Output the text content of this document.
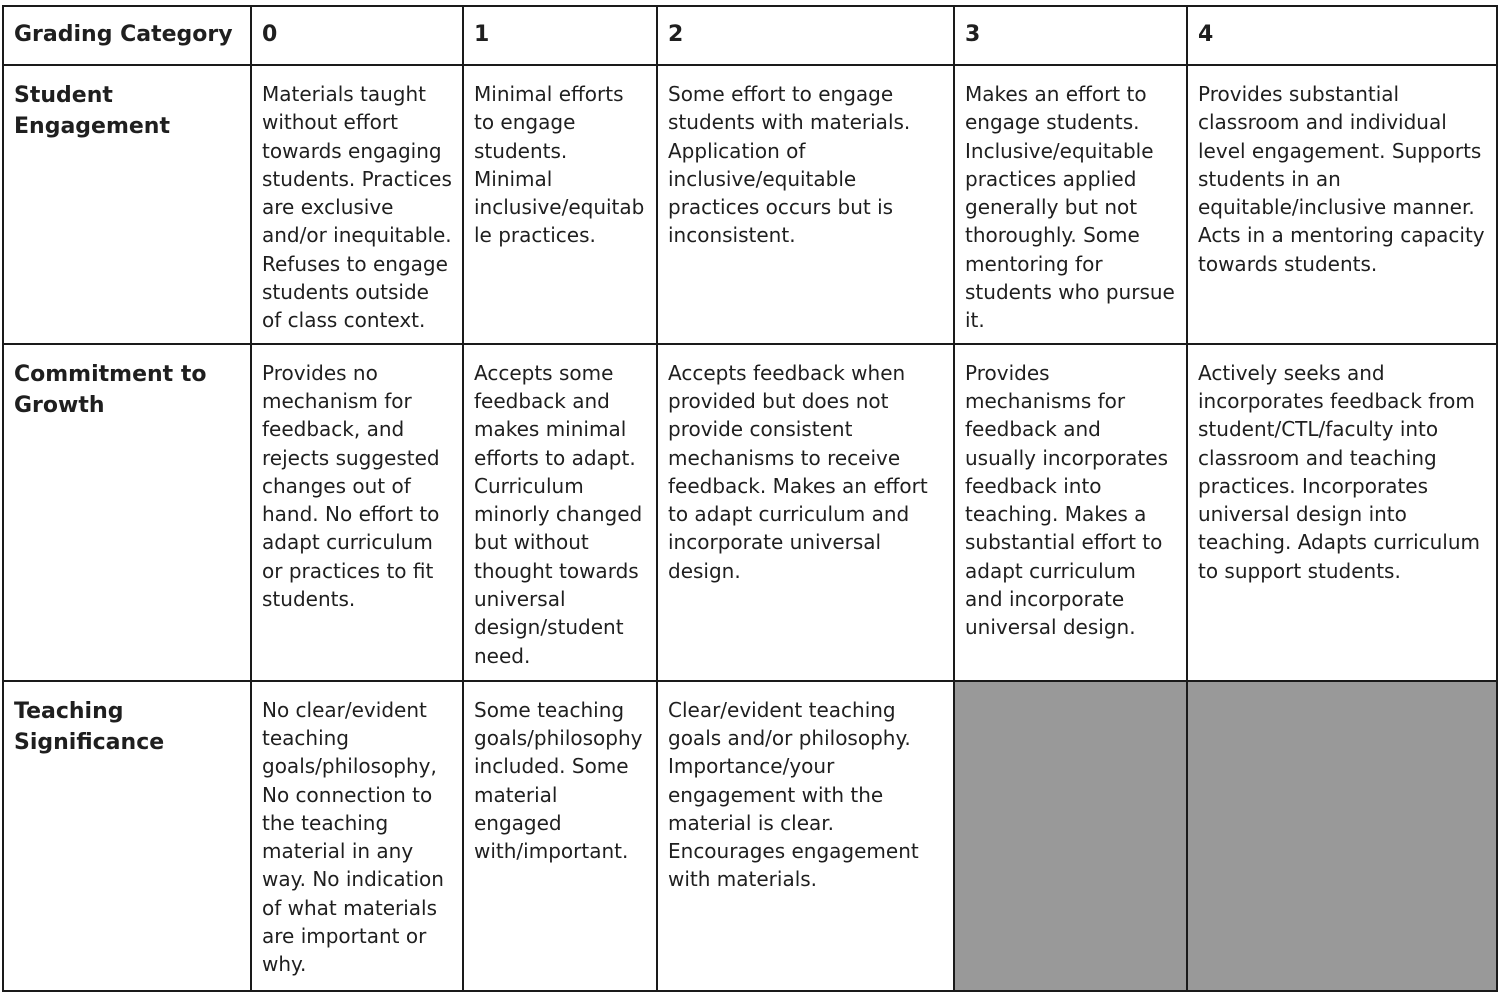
Grading Category	0	1	2	3	4
Student Engagement	Materials taught without effort towards engaging students. Practices are exclusive and/or inequitable. Refuses to engage students outside of class context.	Minimal efforts to engage students. Minimal inclusive/equitab le practices.	Some effort to engage students with materials. Application of inclusive/equitable practices occurs but is inconsistent.	Makes an effort to engage students. Inclusive/equitable practices applied generally but not thoroughly. Some mentoring for students who pursue it.	Provides substantial classroom and individual level engagement. Supports students in an equitable/inclusive manner. Acts in a mentoring capacity towards students.
Commitment to Growth	Provides no mechanism for feedback, and rejects suggested changes out of hand. No effort to adapt curriculum or practices to fit students.	Accepts some feedback and makes minimal efforts to adapt. Curriculum minorly changed but without thought towards universal design/student need.	Accepts feedback when provided but does not provide consistent mechanisms to receive feedback. Makes an effort to adapt curriculum and incorporate universal design.	Provides mechanisms for feedback and usually incorporates feedback into teaching. Makes a substantial effort to adapt curriculum and incorporate universal design.	Actively seeks and incorporates feedback from student/CTL/faculty into classroom and teaching practices. Incorporates universal design into teaching. Adapts curriculum to support students.
Teaching Significance	No clear/evident teaching goals/philosophy, No connection to the teaching material in any way. No indication of what materials are important or why.	Some teaching goals/philosophy included. Some material engaged with/important.	Clear/evident teaching goals and/or philosophy. Importance/your engagement with the material is clear. Encourages engagement with materials.		
